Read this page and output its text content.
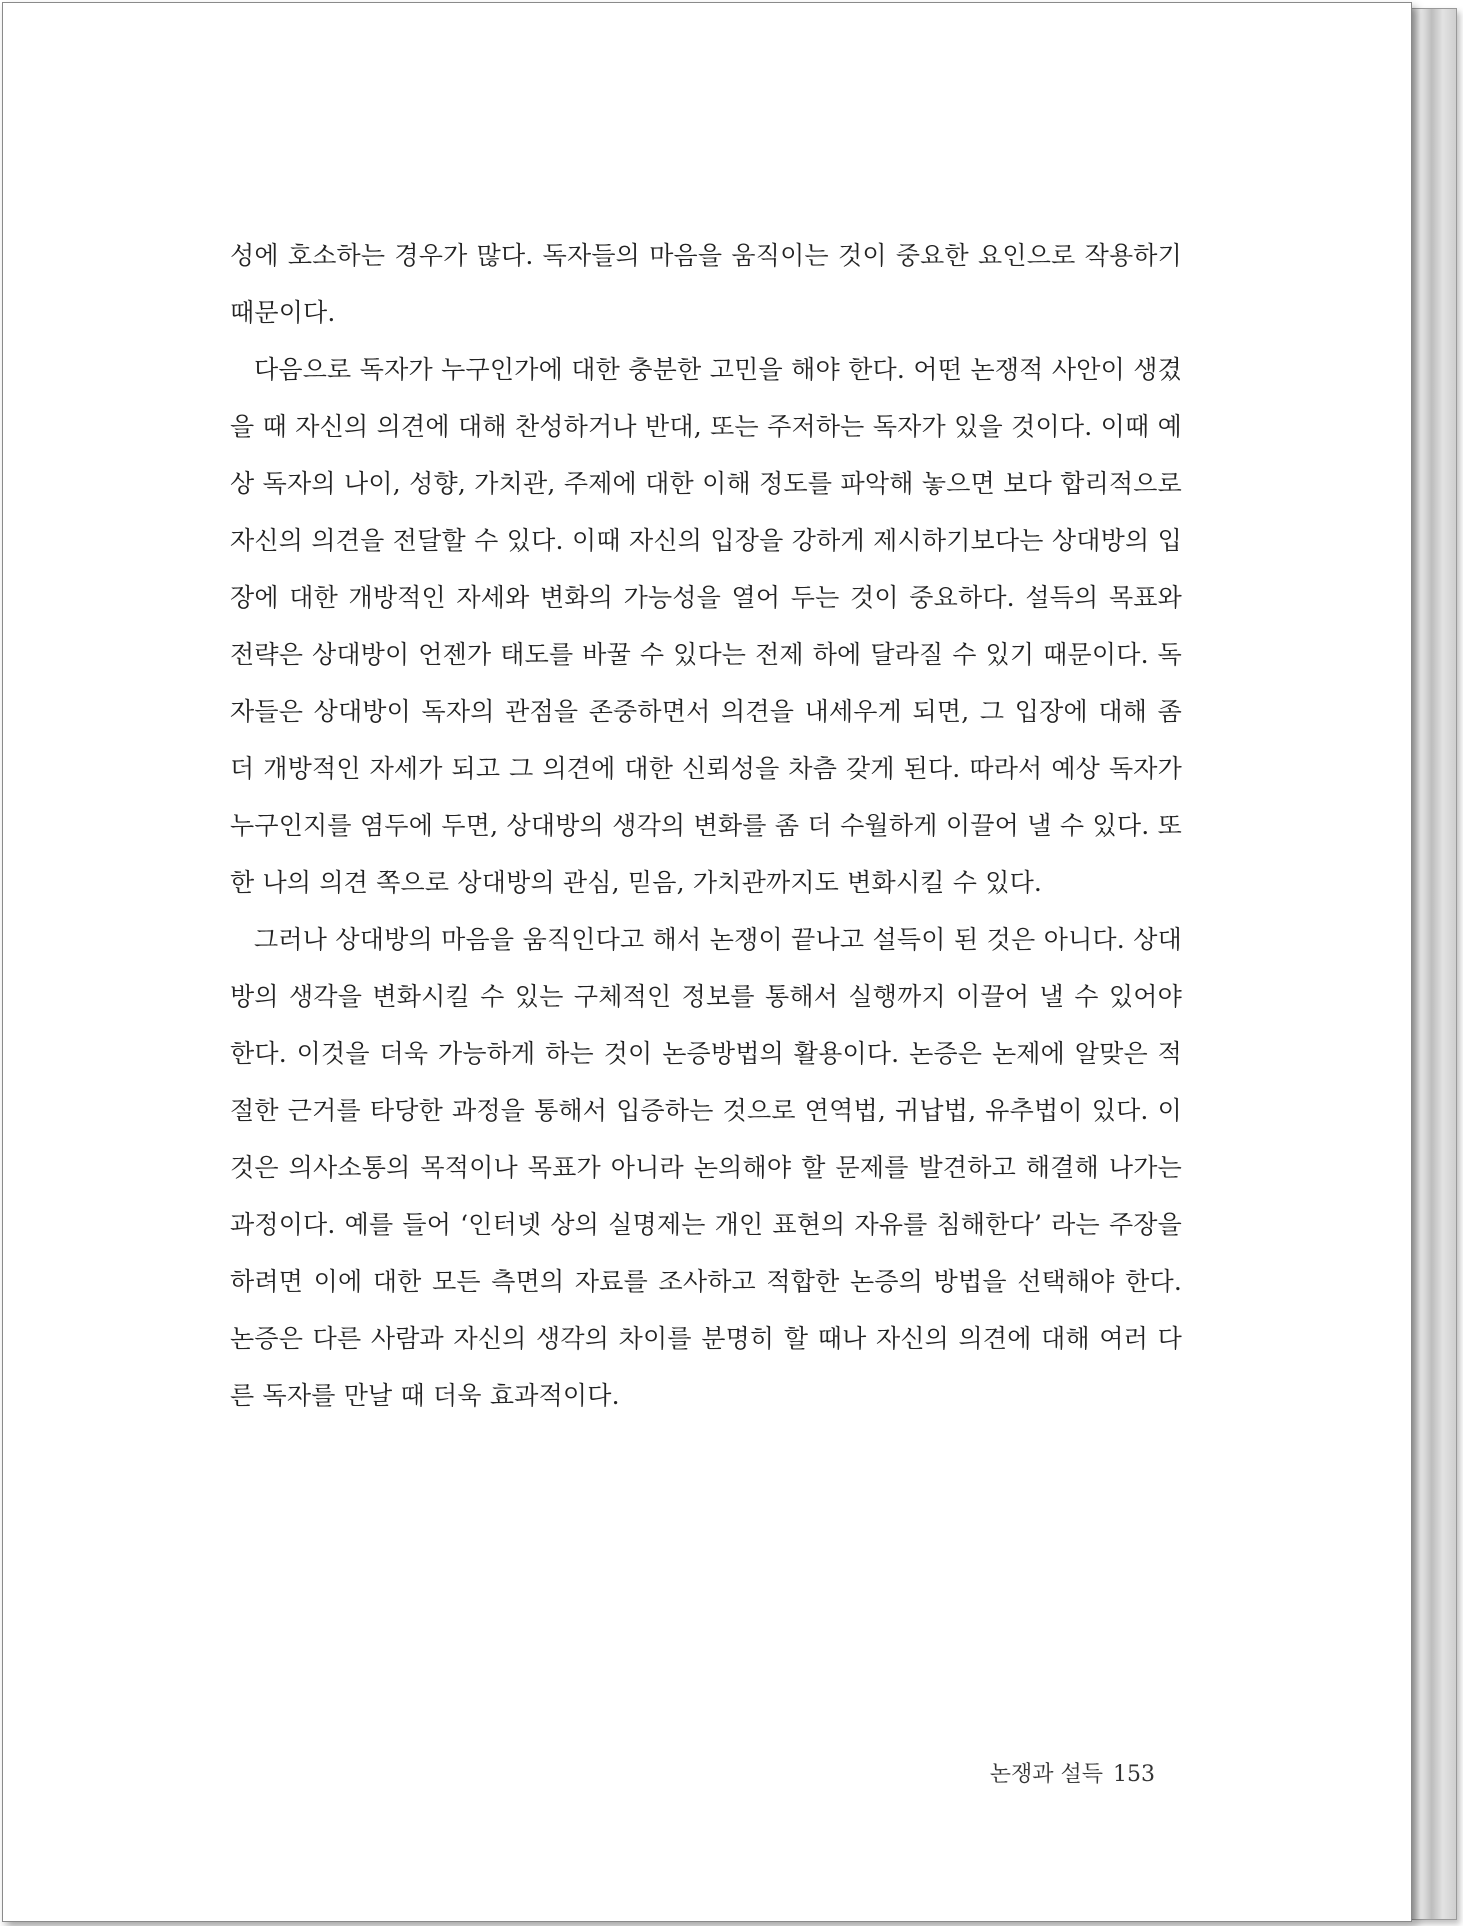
성에 호소하는 경우가 많다. 독자들의 마음을 움직이는 것이 중요한 요인으로 작용하기 때문이다.

다음으로 독자가 누구인가에 대한 충분한 고민을 해야 한다. 어떤 논쟁적 사안이 생겼을 때 자신의 의견에 대해 찬성하거나 반대, 또는 주저하는 독자가 있을 것이다. 이때 예상 독자의 나이, 성향, 가치관, 주제에 대한 이해 정도를 파악해 놓으면 보다 합리적으로 자신의 의견을 전달할 수 있다. 이때 자신의 입장을 강하게 제시하기보다는 상대방의 입장에 대한 개방적인 자세와 변화의 가능성을 열어 두는 것이 중요하다. 설득의 목표와 전략은 상대방이 언젠가 태도를 바꿀 수 있다는 전제 하에 달라질 수 있기 때문이다. 독자들은 상대방이 독자의 관점을 존중하면서 의견을 내세우게 되면, 그 입장에 대해 좀 더 개방적인 자세가 되고 그 의견에 대한 신뢰성을 차츰 갖게 된다. 따라서 예상 독자가 누구인지를 염두에 두면, 상대방의 생각의 변화를 좀 더 수월하게 이끌어 낼 수 있다. 또한 나의 의견 쪽으로 상대방의 관심, 믿음, 가치관까지도 변화시킬 수 있다.

그러나 상대방의 마음을 움직인다고 해서 논쟁이 끝나고 설득이 된 것은 아니다. 상대방의 생각을 변화시킬 수 있는 구체적인 정보를 통해서 실행까지 이끌어 낼 수 있어야 한다. 이것을 더욱 가능하게 하는 것이 논증방법의 활용이다. 논증은 논제에 알맞은 적절한 근거를 타당한 과정을 통해서 입증하는 것으로 연역법, 귀납법, 유추법이 있다. 이것은 의사소통의 목적이나 목표가 아니라 논의해야 할 문제를 발견하고 해결해 나가는 과정이다. 예를 들어 ‘인터넷 상의 실명제는 개인 표현의 자유를 침해한다’ 라는 주장을 하려면 이에 대한 모든 측면의 자료를 조사하고 적합한 논증의 방법을 선택해야 한다. 논증은 다른 사람과 자신의 생각의 차이를 분명히 할 때나 자신의 의견에 대해 여러 다른 독자를 만날 때 더욱 효과적이다.

논쟁과 설득 153
